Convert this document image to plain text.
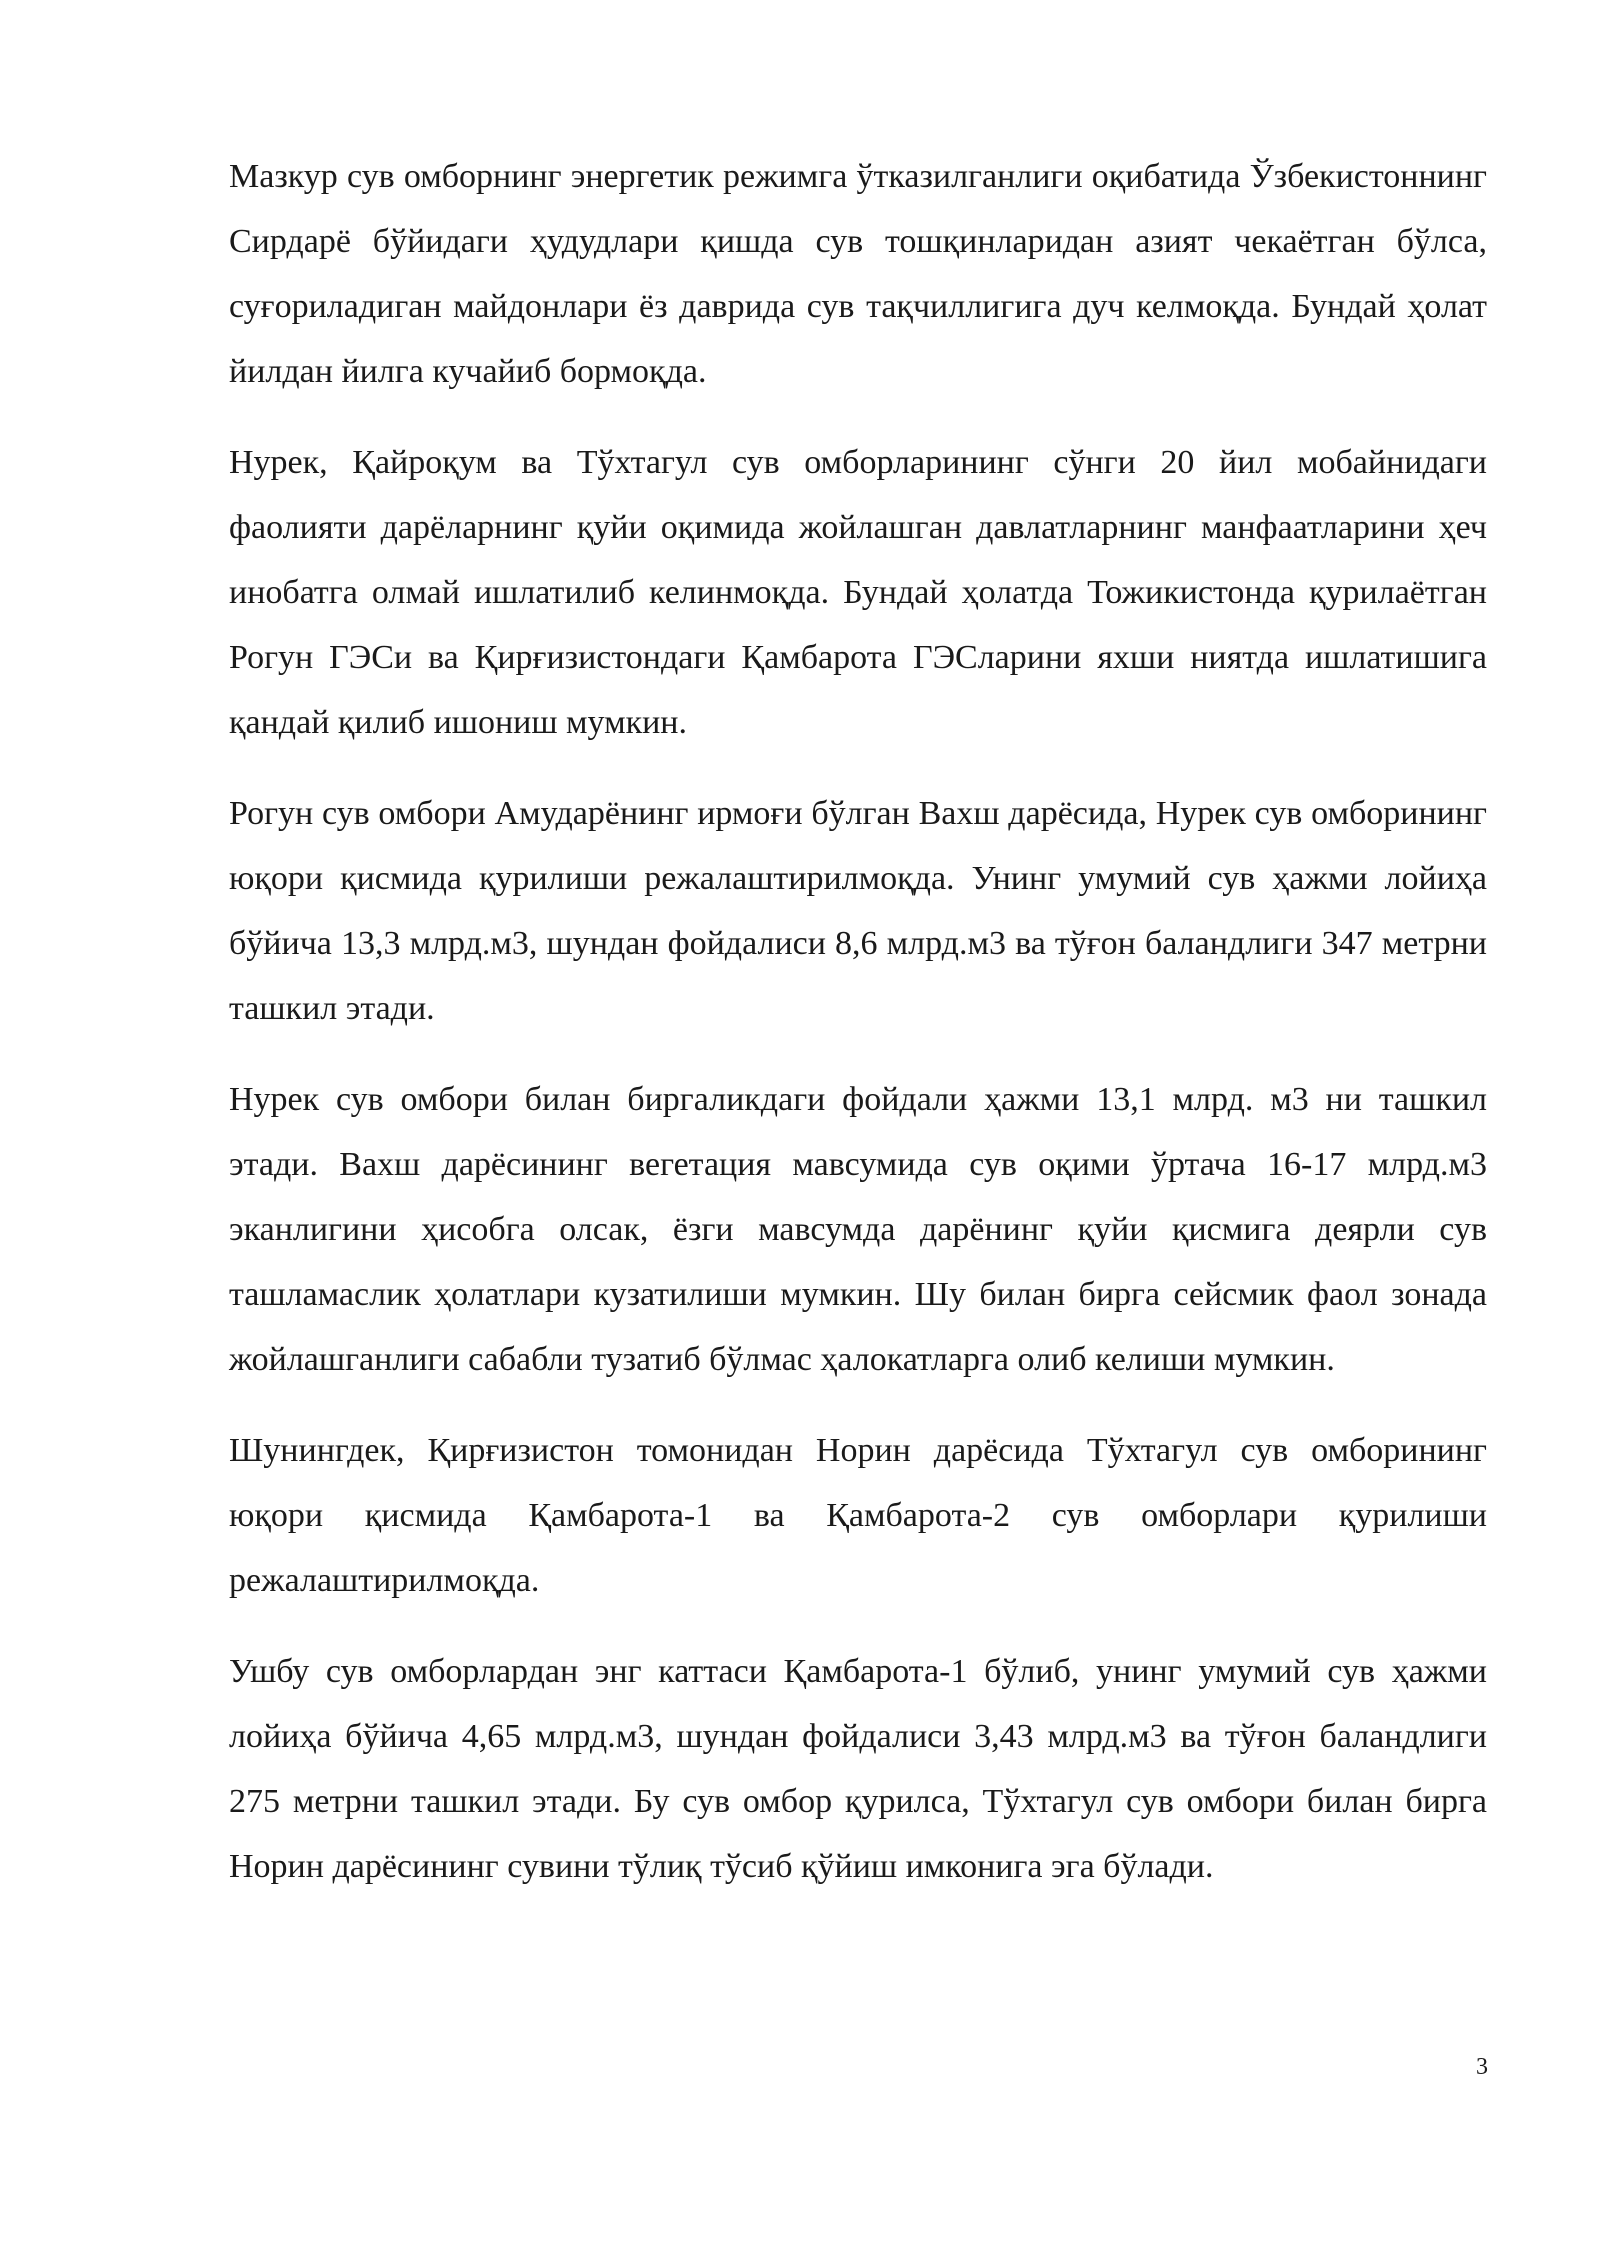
Мазкур сув омборнинг энергетик режимга ўтказилганлиги оқибатида Ўзбекистоннинг Сирдарё бўйидаги ҳудудлари қишда сув тошқинларидан азият чекаётган бўлса, суғориладиган майдонлари ёз даврида сув тақчиллигига дуч келмоқда. Бундай ҳолат йилдан йилга кучайиб бормоқда.

Нурек, Қайроқум ва Тўхтагул сув омборларининг сўнги 20 йил мобайнидаги фаолияти дарёларнинг қуйи оқимида жойлашган давлатларнинг манфаатларини ҳеч инобатга олмай ишлатилиб келинмоқда. Бундай ҳолатда Тожикистонда қурилаётган Рогун ГЭСи ва Қирғизистондаги Қамбарота ГЭСларини яхши ниятда ишлатишига қандай қилиб ишониш мумкин.

Рогун сув омбори Амударёнинг ирмоғи бўлган Вахш дарёсида, Нурек сув омборининг юқори қисмида қурилиши режалаштирилмоқда. Унинг умумий сув ҳажми лойиҳа бўйича 13,3 млрд.м3, шундан фойдалиси 8,6 млрд.м3 ва тўғон баландлиги 347 метрни ташкил этади.

Нурек сув омбори билан биргаликдаги фойдали ҳажми 13,1 млрд. м3 ни ташкил этади. Вахш дарёсининг вегетация мавсумида сув оқими ўртача 16-17 млрд.м3 эканлигини ҳисобга олсак, ёзги мавсумда дарёнинг қуйи қисмига деярли сув ташламаслик ҳолатлари кузатилиши мумкин. Шу билан бирга сейсмик фаол зонада жойлашганлиги сабабли тузатиб бўлмас ҳалокатларга олиб келиши мумкин.

Шунингдек, Қирғизистон томонидан Норин дарёсида Тўхтагул сув омборининг юқори қисмида Қамбарота-1 ва Қамбарота-2 сув омборлари қурилиши режалаштирилмоқда.

Ушбу сув омборлардан энг каттаси Қамбарота-1 бўлиб, унинг умумий сув ҳажми лойиҳа бўйича 4,65 млрд.м3, шундан фойдалиси 3,43 млрд.м3 ва тўғон баландлиги 275 метрни ташкил этади. Бу сув омбор қурилса, Тўхтагул сув омбори билан бирга Норин дарёсининг сувини тўлиқ тўсиб қўйиш имконига эга бўлади.

3
